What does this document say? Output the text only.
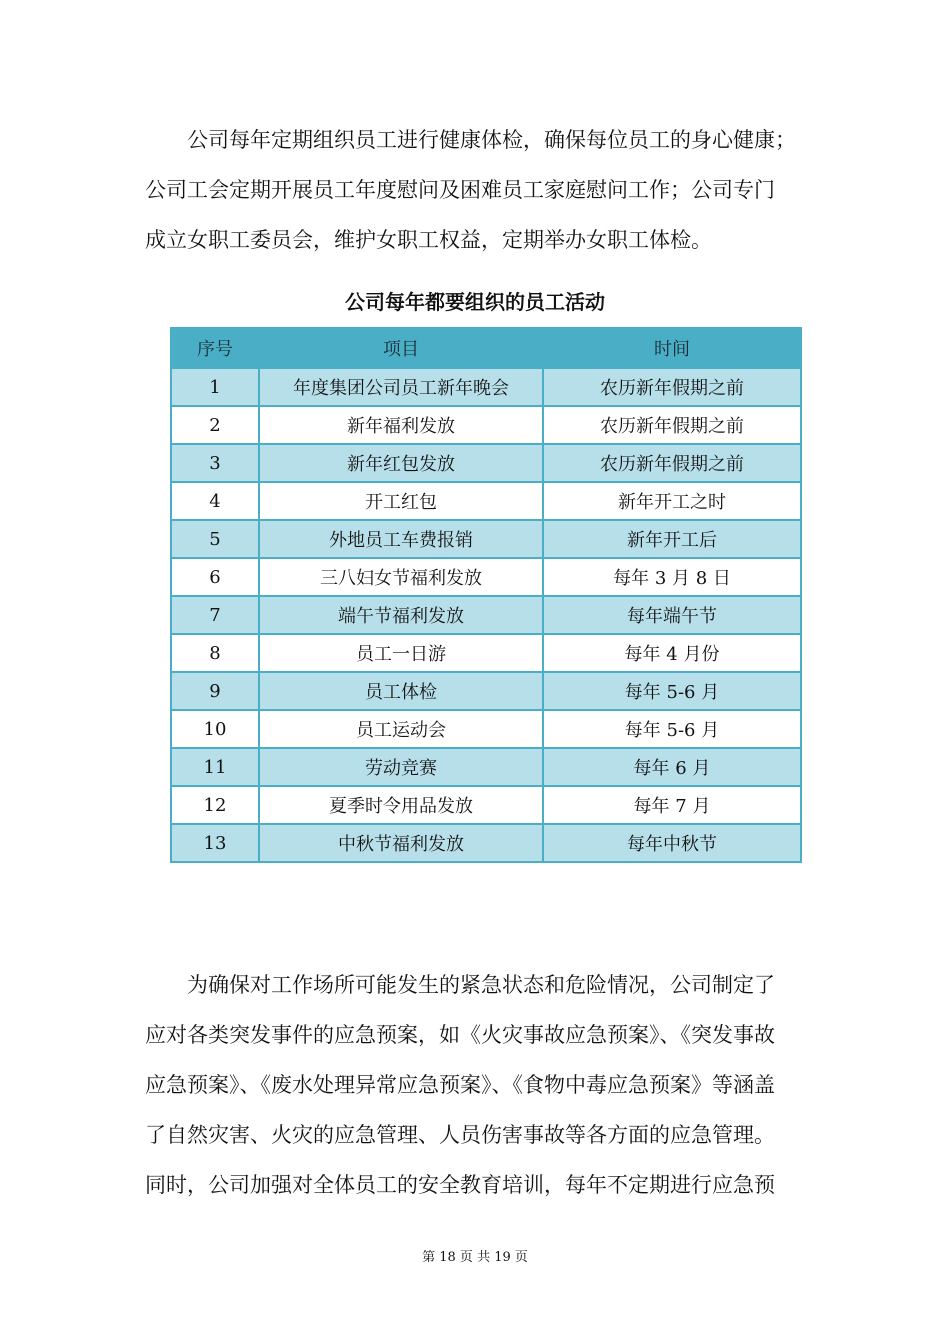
　　公司每年定期组织员工进行健康体检，确保每位员工的身心健康；
公司工会定期开展员工年度慰问及困难员工家庭慰问工作；公司专门
成立女职工委员会，维护女职工权益，定期举办女职工体检。
公司每年都要组织的员工活动
序号	项目	时间
1	年度集团公司员工新年晚会	农历新年假期之前
2	新年福利发放	农历新年假期之前
3	新年红包发放	农历新年假期之前
4	开工红包	新年开工之时
5	外地员工车费报销	新年开工后
6	三八妇女节福利发放	每年 3 月 8 日
7	端午节福利发放	每年端午节
8	员工一日游	每年 4 月份
9	员工体检	每年 5-6 月
10	员工运动会	每年 5-6 月
11	劳动竞赛	每年 6 月
12	夏季时令用品发放	每年 7 月
13	中秋节福利发放	每年中秋节
　　为确保对工作场所可能发生的紧急状态和危险情况，公司制定了
应对各类突发事件的应急预案，如《火灾事故应急预案》、《突发事故
应急预案》、《废水处理异常应急预案》、《食物中毒应急预案》等涵盖
了自然灾害、火灾的应急管理、人员伤害事故等各方面的应急管理。
同时，公司加强对全体员工的安全教育培训，每年不定期进行应急预
第 18 页 共 19 页
